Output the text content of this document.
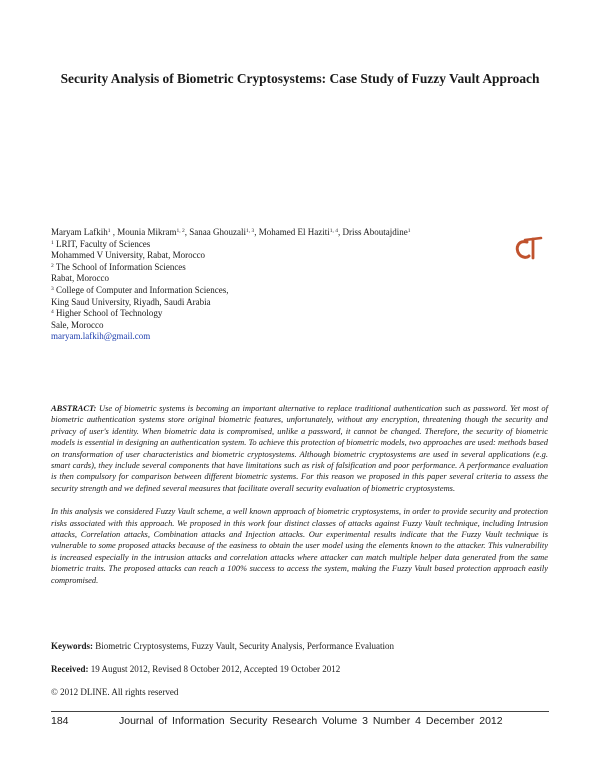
Security Analysis of Biometric Cryptosystems: Case Study of Fuzzy Vault Approach
Maryam Lafkih$^1$ , Mounia Mikram$^{1, 2}$, Sanaa Ghouzali$^{1, 3}$, Mohamed El Haziti$^{1, 4}$, Driss Aboutajdine$^1$
$^1$ LRIT, Faculty of Sciences
Mohammed V University, Rabat, Morocco
$^2$ The School of Information Sciences
Rabat, Morocco
$^3$ College of Computer and Information Sciences,
King Saud University, Riyadh, Saudi Arabia
$^4$ Higher School of Technology
Sale, Morocco
maryam.lafkih@gmail.com

ABSTRACT: Use of biometric systems is becoming an important alternative to replace traditional authentication such as password. Yet most of biometric authentication systems store original biometric features, unfortunately, without any encryption, threatening though the security and privacy of user's identity. When biometric data is compromised, unlike a password, it cannot be changed. Therefore, the security of biometric models is essential in designing an authentication system. To achieve this protection of biometric models, two approaches are used: methods based on transformation of user characteristics and biometric cryptosystems. Although biometric cryptosystems are used in several applications (e.g. smart cards), they include several components that have limitations such as risk of falsification and poor performance. A performance evaluation is then compulsory for comparison between different biometric systems. For this reason we proposed in this paper several criteria to assess the security strength and we defined several measures that facilitate overall security evaluation of biometric cryptosystems.

In this analysis we considered Fuzzy Vault scheme, a well known approach of biometric cryptosystems, in order to provide security and protection risks associated with this approach. We proposed in this work four distinct classes of attacks against Fuzzy Vault technique, including Intrusion attacks, Correlation attacks, Combination attacks and Injection attacks. Our experimental results indicate that the Fuzzy Vault technique is vulnerable to some proposed attacks because of the easiness to obtain the user model using the elements known to the attacker. This vulnerability is increased especially in the intrusion attacks and correlation attacks where attacker can match multiple helper data generated from the same biometric traits. The proposed attacks can reach a 100% success to access the system, making the Fuzzy Vault based protection approach easily compromised.

Keywords: Biometric Cryptosystems, Fuzzy Vault, Security Analysis, Performance Evaluation
Received: 19 August 2012, Revised 8 October 2012, Accepted 19 October 2012
© 2012 DLINE. All rights reserved
184	Journal of Information Security Research Volume 3 Number 4 December 2012
